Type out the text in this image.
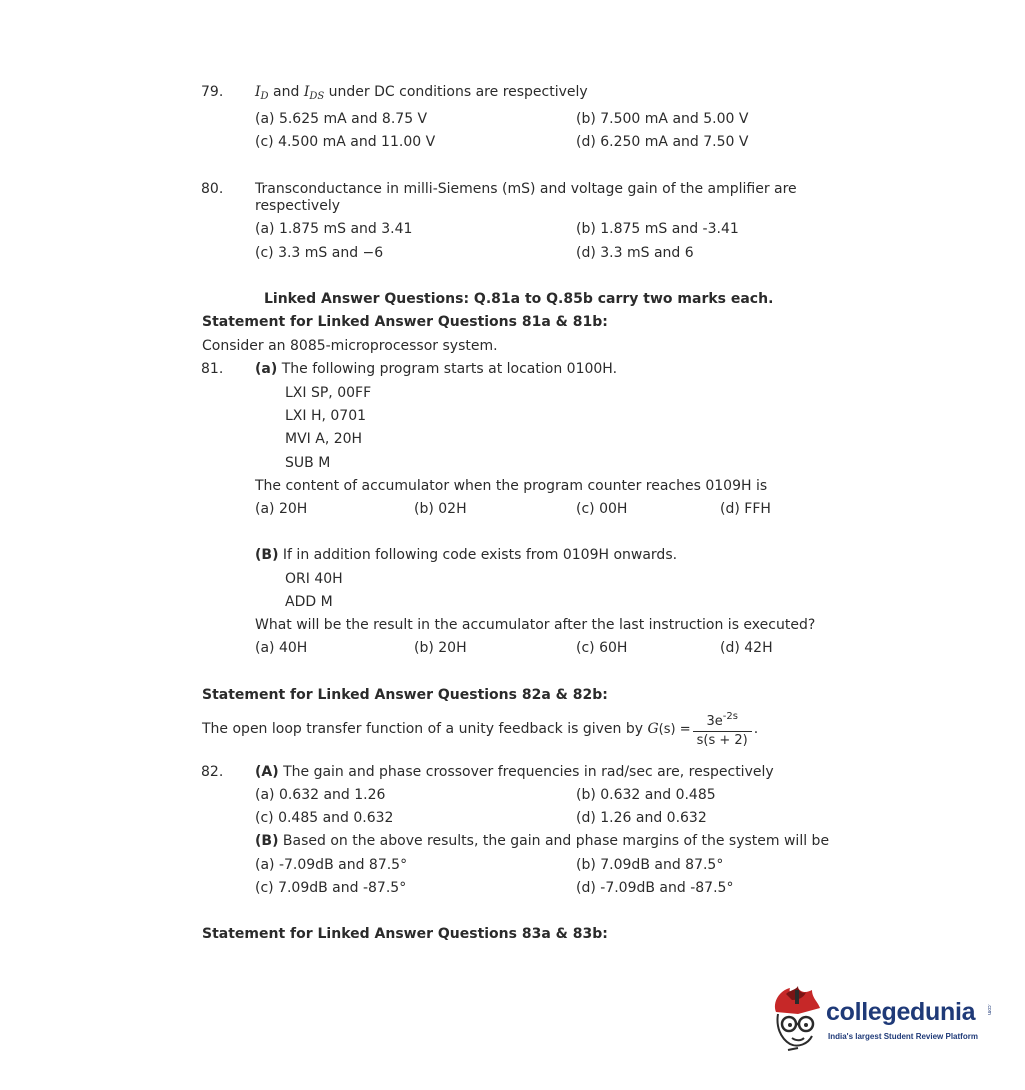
79. $I_D$ and $I_{DS}$ under DC conditions are respectively
(a) 5.625 mA and 8.75 V	(b) 7.500 mA and 5.00 V
(c) 4.500 mA and 11.00 V	(d) 6.250 mA and 7.50 V
80. Transconductance in milli-Siemens (mS) and voltage gain of the amplifier are
respectively
(a) 1.875 mS and 3.41	(b) 1.875 mS and -3.41
(c) 3.3 mS and −6	(d) 3.3 mS and 6
Linked Answer Questions: Q.81a to Q.85b carry two marks each.
Statement for Linked Answer Questions 81a & 81b:
Consider an 8085-microprocessor system.
81. (a) The following program starts at location 0100H.
LXI SP, 00FF
LXI H, 0701
MVI A, 20H
SUB M
The content of accumulator when the program counter reaches 0109H is
(a) 20H	(b) 02H	(c) 00H	(d) FFH
(B) If in addition following code exists from 0109H onwards.
ORI 40H
ADD M
What will be the result in the accumulator after the last instruction is executed?
(a) 40H	(b) 20H	(c) 60H	(d) 42H
Statement for Linked Answer Questions 82a & 82b:
The open loop transfer function of a unity feedback is given by $G(s) = \frac{3e^{-2s}}{s(s + 2)}$ .
82. (A) The gain and phase crossover frequencies in rad/sec are, respectively
(a) 0.632 and 1.26	(b) 0.632 and 0.485
(c) 0.485 and 0.632	(d) 1.26 and 0.632
(B) Based on the above results, the gain and phase margins of the system will be
(a) -7.09dB and 87.5°	(b) 7.09dB and 87.5°
(c) 7.09dB and -87.5°	(d) -7.09dB and -87.5°
Statement for Linked Answer Questions 83a & 83b:
collegedunia .com
India's largest Student Review Platform
